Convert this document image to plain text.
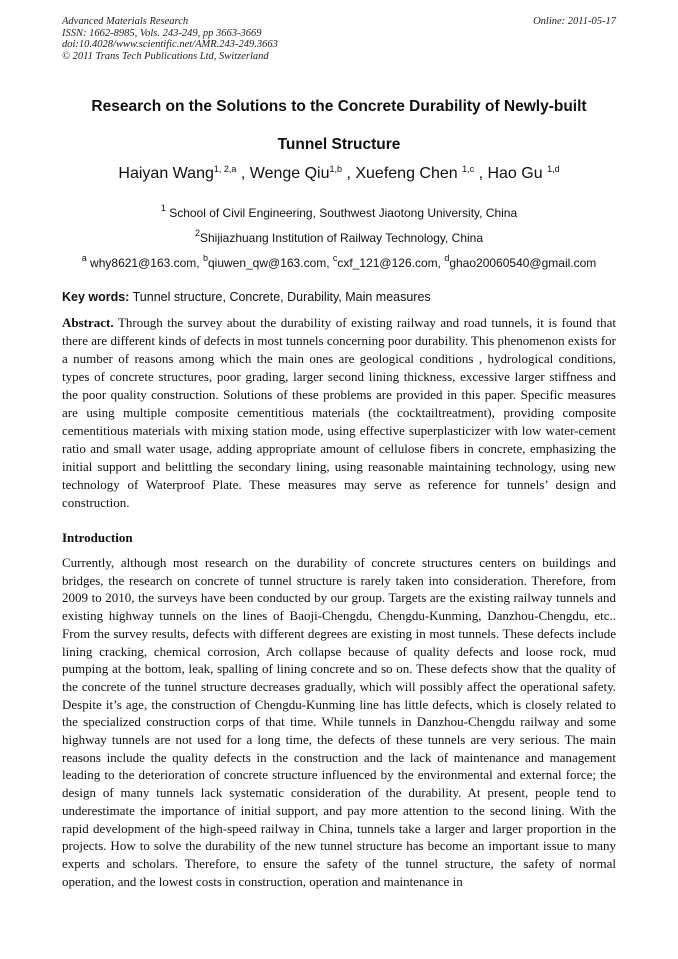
Advanced Materials Research
ISSN: 1662-8985, Vols. 243-249, pp 3663-3669
doi:10.4028/www.scientific.net/AMR.243-249.3663
© 2011 Trans Tech Publications Ltd, Switzerland
Online: 2011-05-17
Research on the Solutions to the Concrete Durability of Newly-built
Tunnel Structure
Haiyan Wang$^{1, 2,a}$ , Wenge Qiu$^{1,b}$ , Xuefeng Chen $^{1,c}$ , Hao Gu $^{1,d}$
$^1$ School of Civil Engineering, Southwest Jiaotong University, China
$^2$Shijiazhuang Institution of Railway Technology, China
$^a$ why8621@163.com, $^b$qiuwen_qw@163.com, $^c$cxf_121@126.com, $^d$ghao20060540@gmail.com
Key words: Tunnel structure, Concrete, Durability, Main measures
Abstract. Through the survey about the durability of existing railway and road tunnels, it is found that there are different kinds of defects in most tunnels concerning poor durability. This phenomenon exists for a number of reasons among which the main ones are geological conditions , hydrological conditions, types of concrete structures, poor grading, larger second lining thickness, excessive larger stiffness and the poor quality construction. Solutions of these problems are provided in this paper. Specific measures are using multiple composite cementitious materials (the cocktailtreatment), providing composite cementitious materials with mixing station mode, using effective superplasticizer with low water-cement ratio and small water usage, adding appropriate amount of cellulose fibers in concrete, emphasizing the initial support and belittling the secondary lining, using reasonable maintaining technology, using new technology of Waterproof Plate. These measures may serve as reference for tunnels’ design and construction.
Introduction
Currently, although most research on the durability of concrete structures centers on buildings and bridges, the research on concrete of tunnel structure is rarely taken into consideration. Therefore, from 2009 to 2010, the surveys have been conducted by our group. Targets are the existing railway tunnels and existing highway tunnels on the lines of Baoji-Chengdu, Chengdu-Kunming, Danzhou-Chengdu, etc.. From the survey results, defects with different degrees are existing in most tunnels. These defects include lining cracking, chemical corrosion, Arch collapse because of quality defects and loose rock, mud pumping at the bottom, leak, spalling of lining concrete and so on. These defects show that the quality of the concrete of the tunnel structure decreases gradually, which will possibly affect the operational safety. Despite it’s age, the construction of Chengdu-Kunming line has little defects, which is closely related to the specialized construction corps of that time. While tunnels in Danzhou-Chengdu railway and some highway tunnels are not used for a long time, the defects of these tunnels are very serious. The main reasons include the quality defects in the construction and the lack of maintenance and management leading to the deterioration of concrete structure influenced by the environmental and external force; the design of many tunnels lack systematic consideration of the durability. At present, people tend to underestimate the importance of initial support, and pay more attention to the second lining. With the rapid development of the high-speed railway in China, tunnels take a larger and larger proportion in the projects. How to solve the durability of the new tunnel structure has become an important issue to many experts and scholars. Therefore, to ensure the safety of the tunnel structure, the safety of normal operation, and the lowest costs in construction, operation and maintenance in
